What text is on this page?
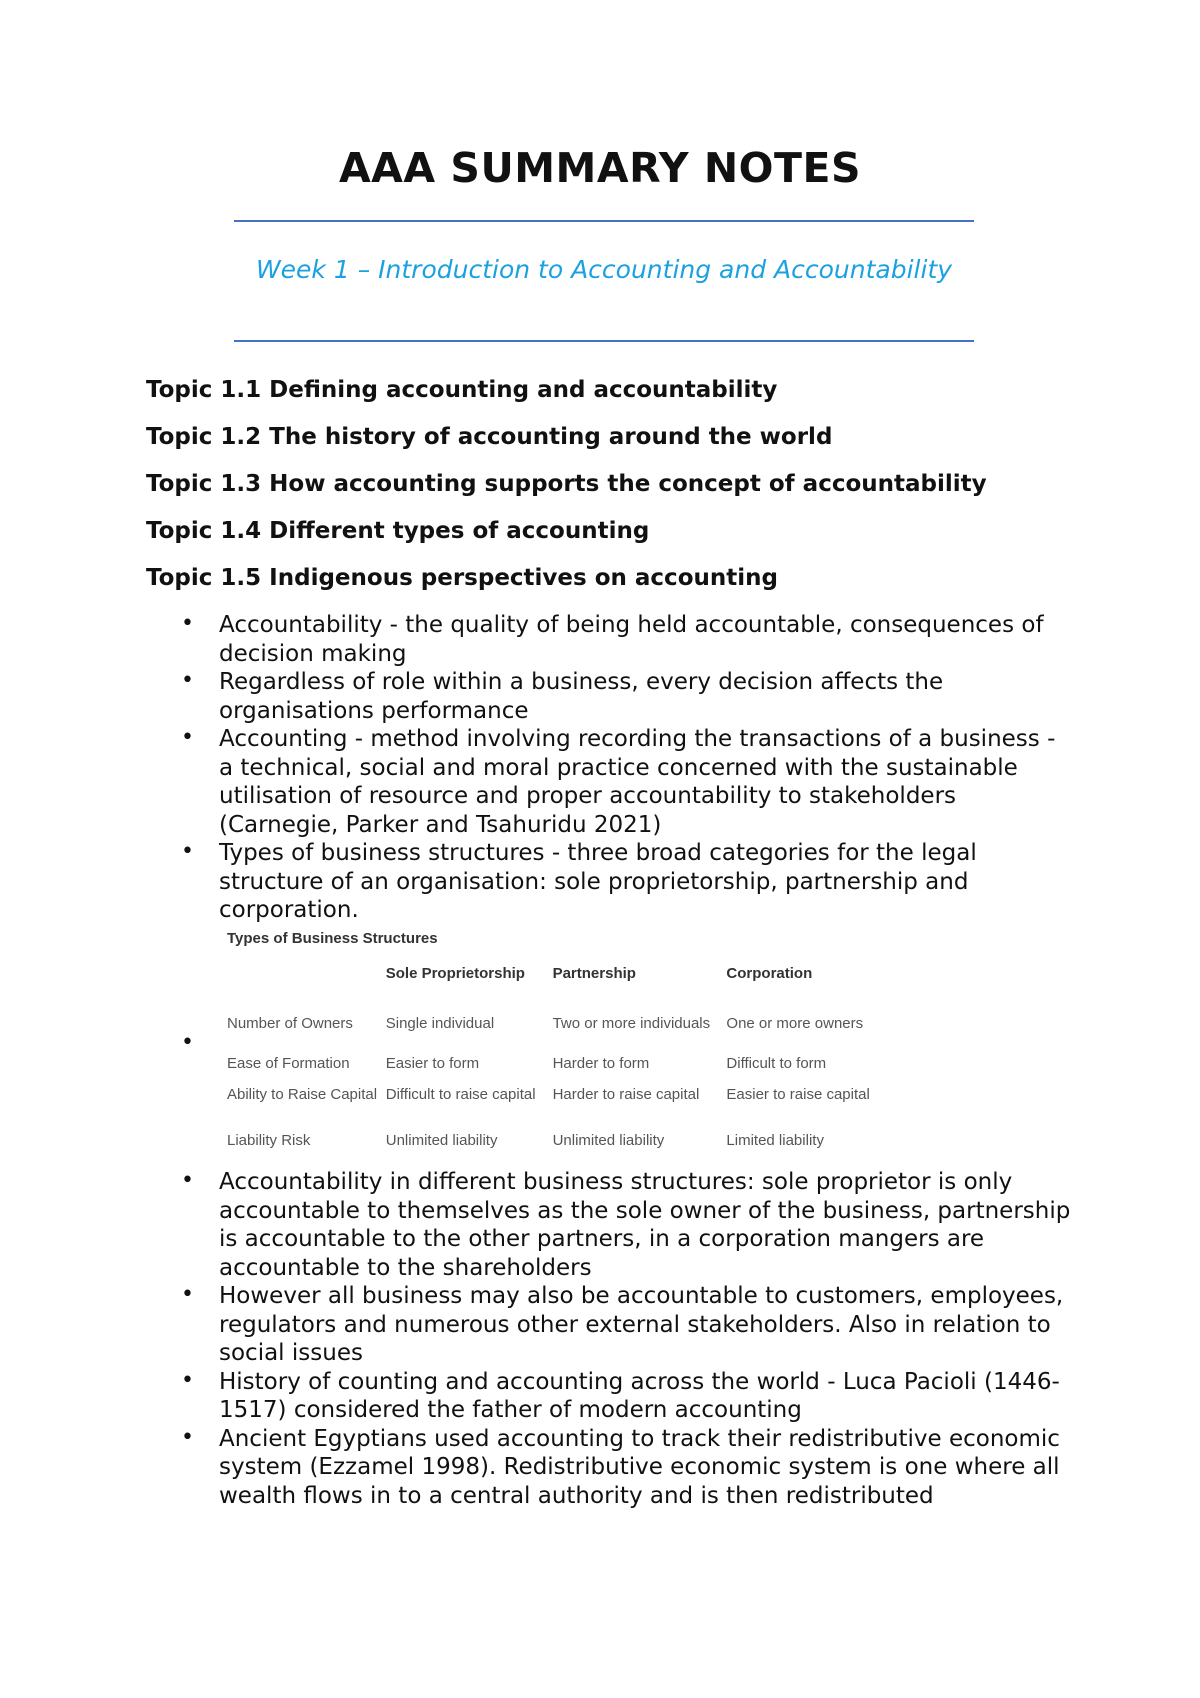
AAA SUMMARY NOTES
Week 1 – Introduction to Accounting and Accountability
Topic 1.1 Defining accounting and accountability
Topic 1.2 The history of accounting around the world
Topic 1.3 How accounting supports the concept of accountability
Topic 1.4 Different types of accounting
Topic 1.5 Indigenous perspectives on accounting
• Accountability - the quality of being held accountable, consequences of decision making
• Regardless of role within a business, every decision affects the organisations performance
• Accounting - method involving recording the transactions of a business - a technical, social and moral practice concerned with the sustainable utilisation of resource and proper accountability to stakeholders (Carnegie, Parker and Tsahuridu 2021)
• Types of business structures - three broad categories for the legal structure of an organisation: sole proprietorship, partnership and corporation.
•
Types of Business Structures
	Sole Proprietorship	Partnership	Corporation
Number of Owners	Single individual	Two or more individuals	One or more owners
Ease of Formation	Easier to form	Harder to form	Difficult to form
Ability to Raise Capital	Difficult to raise capital	Harder to raise capital	Easier to raise capital
Liability Risk	Unlimited liability	Unlimited liability	Limited liability
• Accountability in different business structures: sole proprietor is only accountable to themselves as the sole owner of the business, partnership is accountable to the other partners, in a corporation mangers are accountable to the shareholders
• However all business may also be accountable to customers, employees, regulators and numerous other external stakeholders. Also in relation to social issues
• History of counting and accounting across the world - Luca Pacioli (1446-1517) considered the father of modern accounting
• Ancient Egyptians used accounting to track their redistributive economic system (Ezzamel 1998). Redistributive economic system is one where all wealth flows in to a central authority and is then redistributed
